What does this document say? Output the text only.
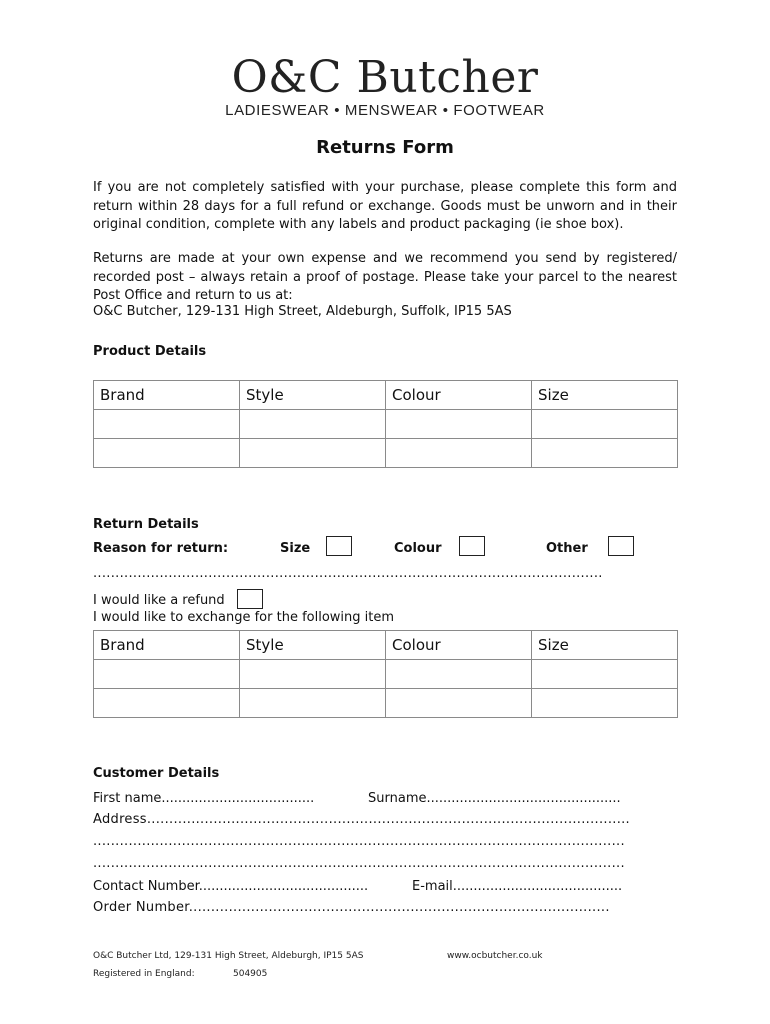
O&C Butcher
LADIESWEAR • MENSWEAR • FOOTWEAR
Returns Form
If you are not completely satisfied with your purchase, please complete this form and return within 28 days for a full refund or exchange. Goods must be unworn and in their original condition, complete with any labels and product packaging (ie shoe box).
Returns are made at your own expense and we recommend you send by registered/ recorded post – always retain a proof of postage. Please take your parcel to the nearest Post Office and return to us at:
O&C Butcher, 129-131 High Street, Aldeburgh, Suffolk, IP15 5AS
Product Details
Brand	Style	Colour	Size

Return Details
Reason for return:	Size	Colour	Other
...................................................................................................................
I would like a refund
I would like to exchange for the following item
Brand	Style	Colour	Size

Customer Details
First name.....................................	Surname...............................................
Address.............................................................................................................
........................................................................................................................
........................................................................................................................
Contact Number.........................................	E-mail.........................................
Order Number...............................................................................................
O&C Butcher Ltd, 129-131 High Street, Aldeburgh, IP15 5AS	www.ocbutcher.co.uk
Registered in England:	504905
